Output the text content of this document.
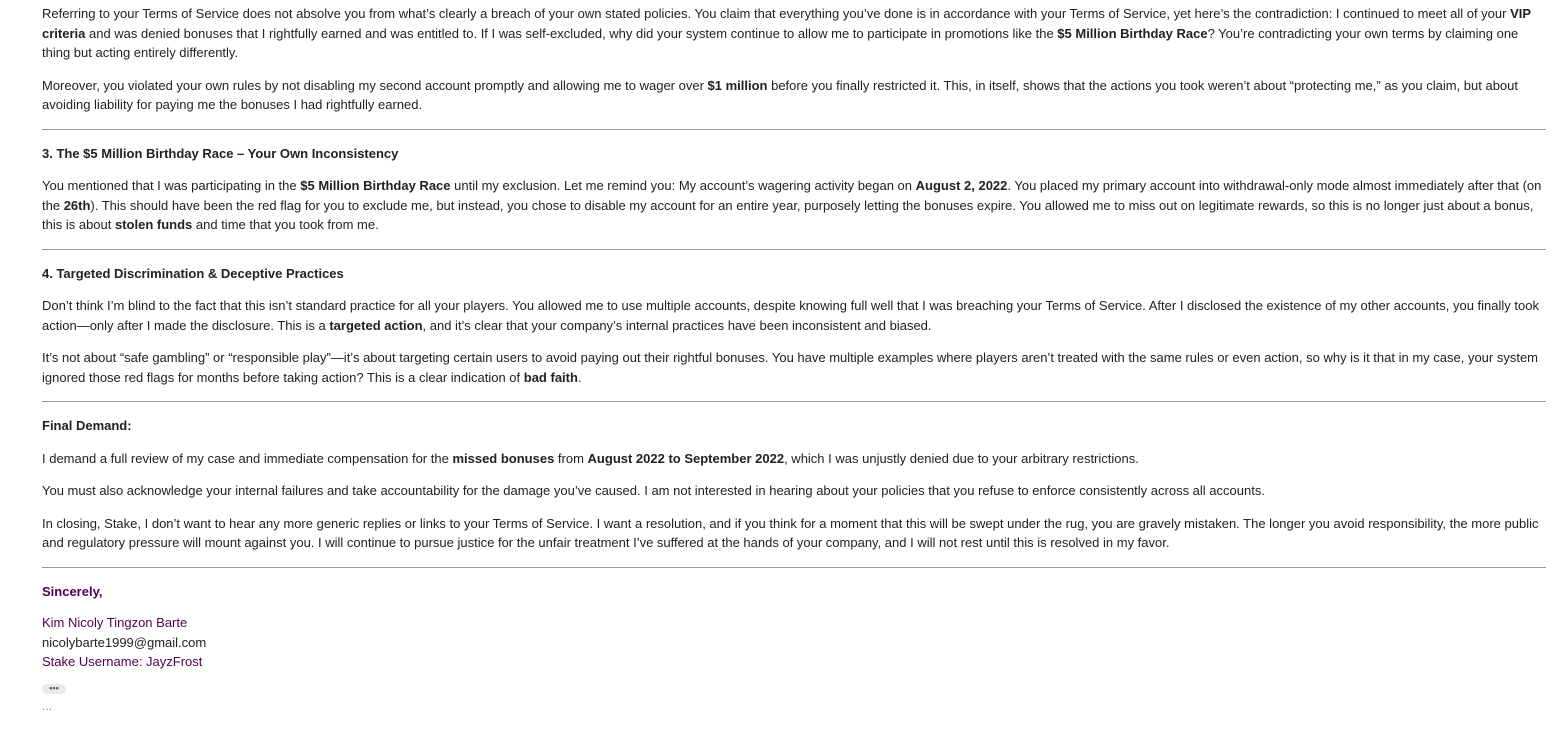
Referring to your Terms of Service does not absolve you from what’s clearly a breach of your own stated policies. You claim that everything you’ve done is in accordance with your Terms of Service, yet here’s the contradiction: I continued to meet all of your VIP criteria and was denied bonuses that I rightfully earned and was entitled to. If I was self-excluded, why did your system continue to allow me to participate in promotions like the $5 Million Birthday Race? You’re contradicting your own terms by claiming one thing but acting entirely differently.

Moreover, you violated your own rules by not disabling my second account promptly and allowing me to wager over $1 million before you finally restricted it. This, in itself, shows that the actions you took weren’t about “protecting me,” as you claim, but about avoiding liability for paying me the bonuses I had rightfully earned.

3. The $5 Million Birthday Race – Your Own Inconsistency

You mentioned that I was participating in the $5 Million Birthday Race until my exclusion. Let me remind you: My account’s wagering activity began on August 2, 2022. You placed my primary account into withdrawal-only mode almost immediately after that (on the 26th). This should have been the red flag for you to exclude me, but instead, you chose to disable my account for an entire year, purposely letting the bonuses expire. You allowed me to miss out on legitimate rewards, so this is no longer just about a bonus, this is about stolen funds and time that you took from me.

4. Targeted Discrimination & Deceptive Practices

Don’t think I’m blind to the fact that this isn’t standard practice for all your players. You allowed me to use multiple accounts, despite knowing full well that I was breaching your Terms of Service. After I disclosed the existence of my other accounts, you finally took action—only after I made the disclosure. This is a targeted action, and it’s clear that your company’s internal practices have been inconsistent and biased.

It’s not about “safe gambling” or “responsible play”—it’s about targeting certain users to avoid paying out their rightful bonuses. You have multiple examples where players aren’t treated with the same rules or even action, so why is it that in my case, your system ignored those red flags for months before taking action? This is a clear indication of bad faith.

Final Demand:

I demand a full review of my case and immediate compensation for the missed bonuses from August 2022 to September 2022, which I was unjustly denied due to your arbitrary restrictions.

You must also acknowledge your internal failures and take accountability for the damage you’ve caused. I am not interested in hearing about your policies that you refuse to enforce consistently across all accounts.

In closing, Stake, I don’t want to hear any more generic replies or links to your Terms of Service. I want a resolution, and if you think for a moment that this will be swept under the rug, you are gravely mistaken. The longer you avoid responsibility, the more public and regulatory pressure will mount against you. I will continue to pursue justice for the unfair treatment I’ve suffered at the hands of your company, and I will not rest until this is resolved in my favor.

Sincerely,

Kim Nicoly Tingzon Barte
nicolybarte1999@gmail.com
Stake Username: JayzFrost
•••
...
